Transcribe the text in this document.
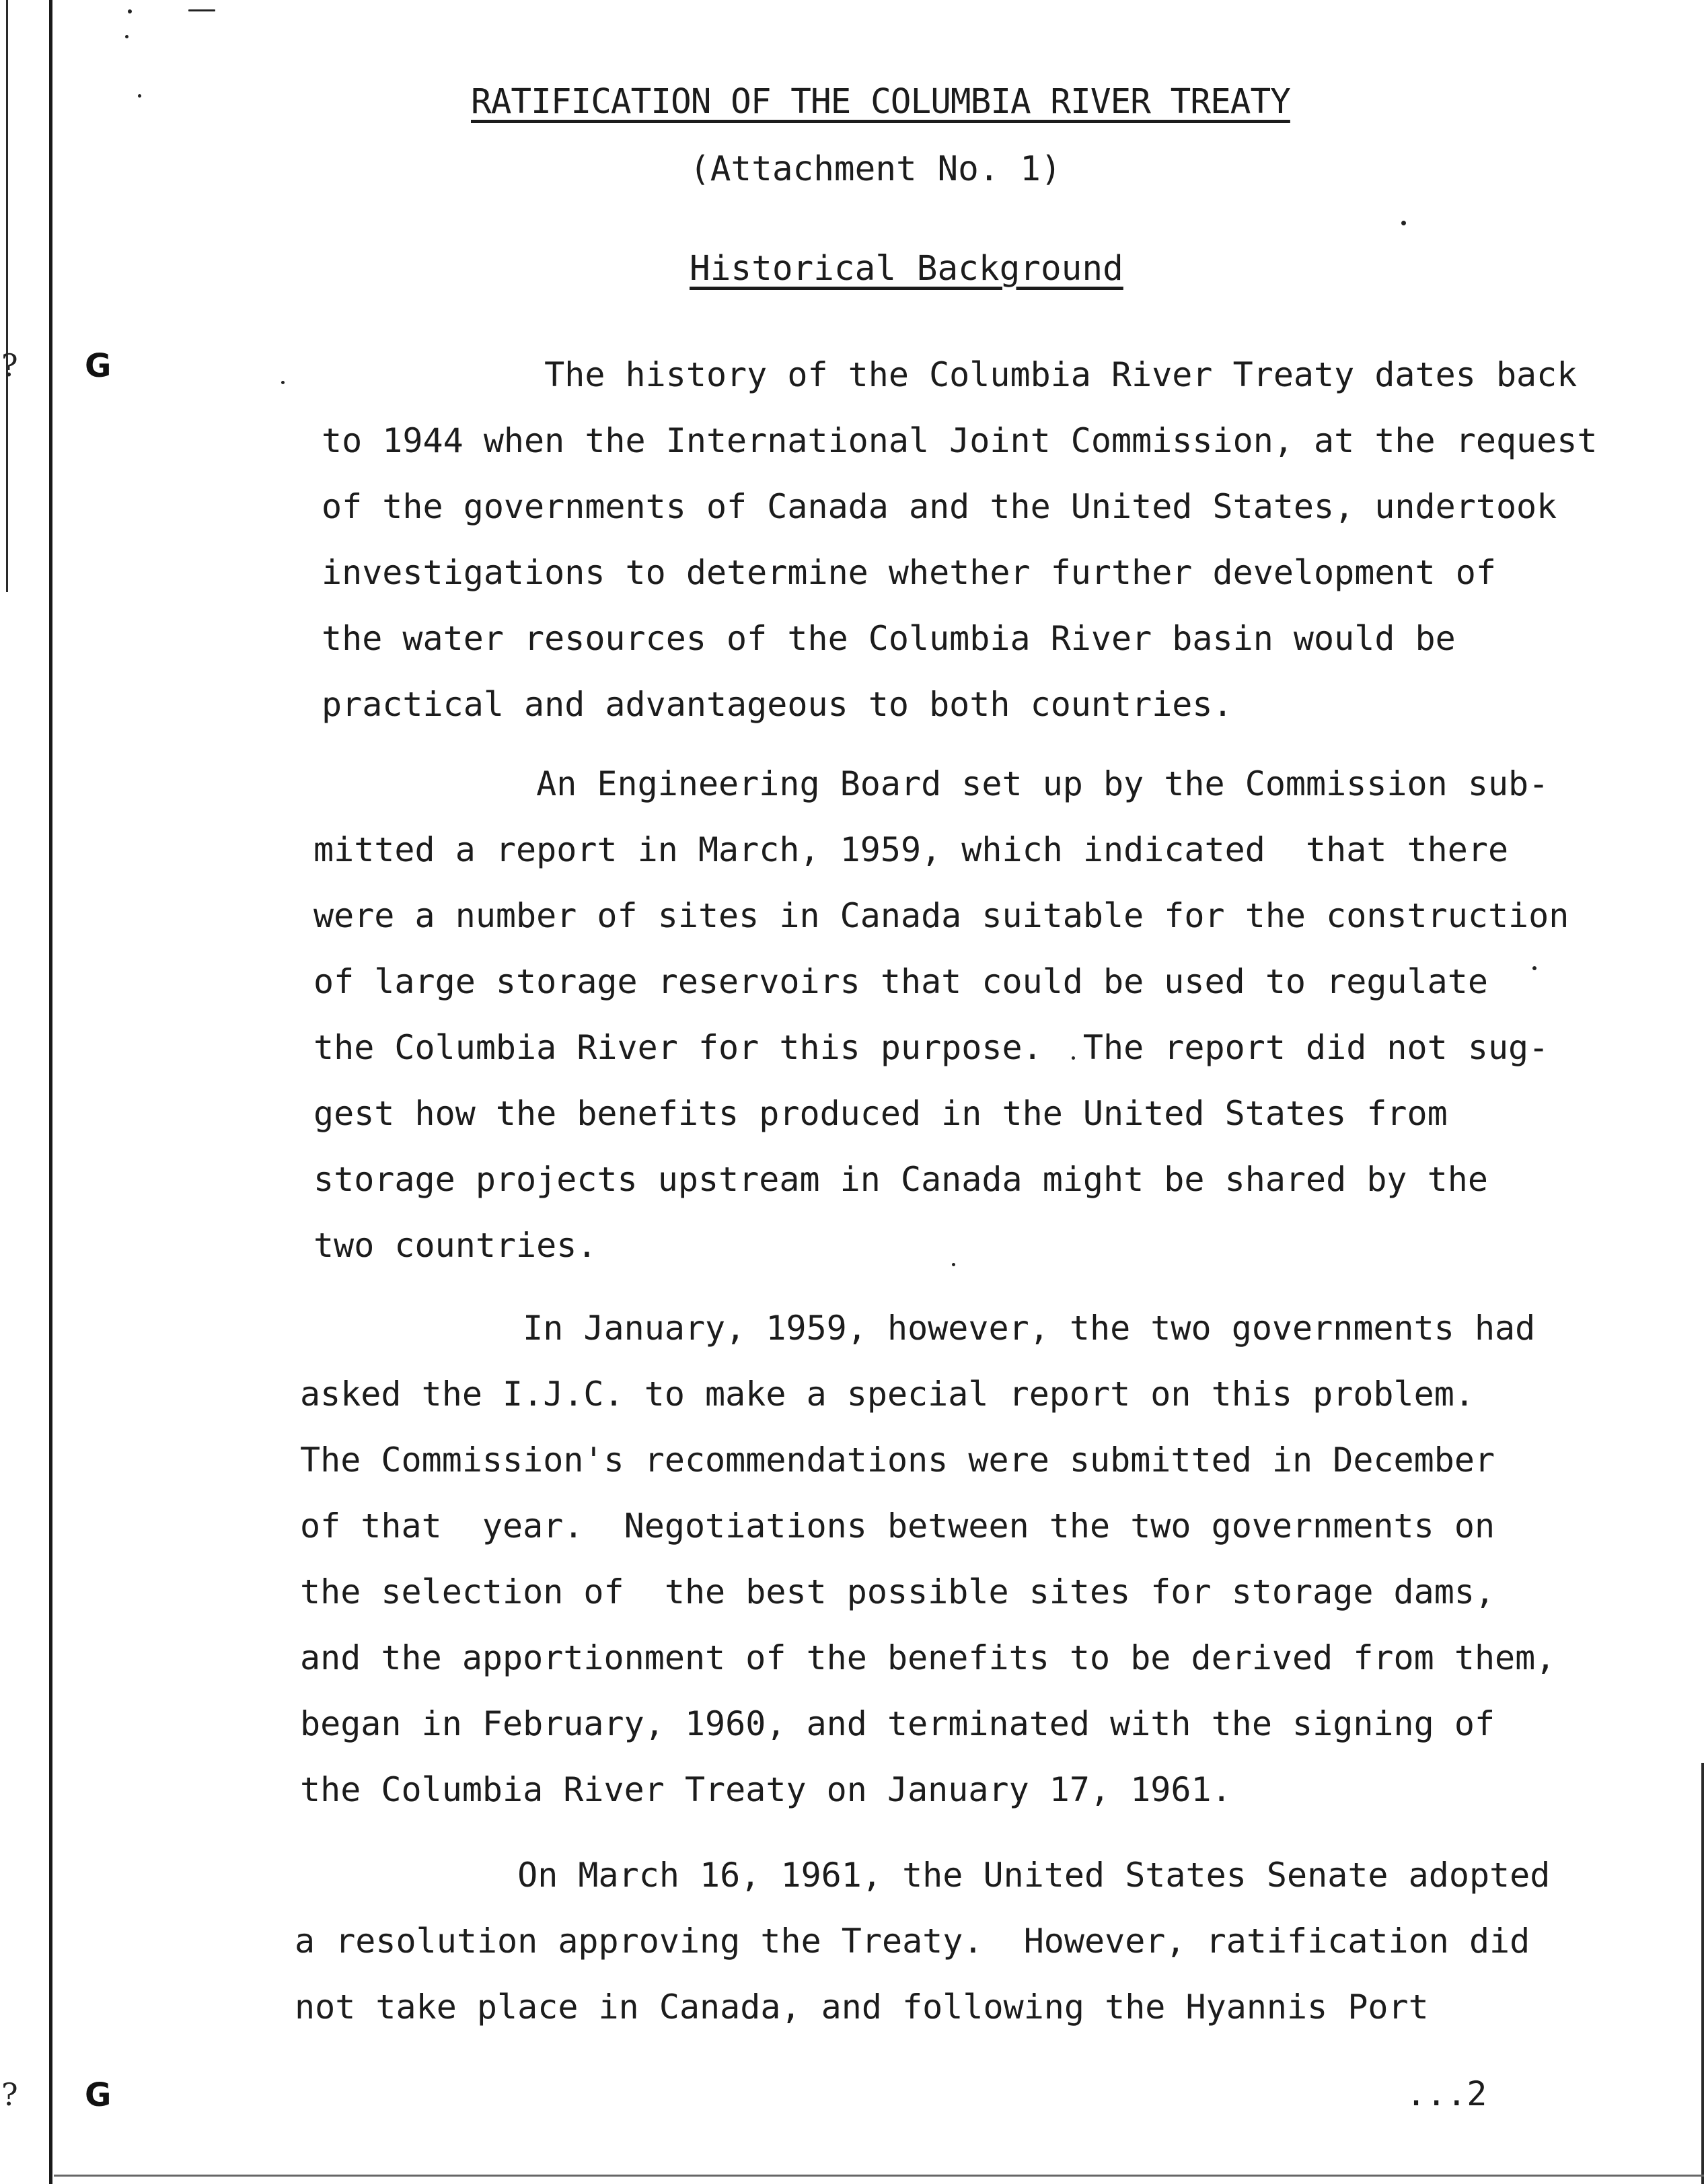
?
?
G
G
RATIFICATION OF THE COLUMBIA RIVER TREATY
(Attachment No. 1)
Historical Background

The history of the Columbia River Treaty dates back
to 1944 when the International Joint Commission, at the request
of the governments of Canada and the United States, undertook
investigations to determine whether further development of
the water resources of the Columbia River basin would be
practical and advantageous to both countries.

An Engineering Board set up by the Commission sub-
mitted a report in March, 1959, which indicated  that there
were a number of sites in Canada suitable for the construction
of large storage reservoirs that could be used to regulate
the Columbia River for this purpose.  The report did not sug-
gest how the benefits produced in the United States from
storage projects upstream in Canada might be shared by the
two countries.

In January, 1959, however, the two governments had
asked the I.J.C. to make a special report on this problem.
The Commission's recommendations were submitted in December
of that  year.  Negotiations between the two governments on
the selection of  the best possible sites for storage dams,
and the apportionment of the benefits to be derived from them,
began in February, 1960, and terminated with the signing of
the Columbia River Treaty on January 17, 1961.

On March 16, 1961, the United States Senate adopted
a resolution approving the Treaty.  However, ratification did
not take place in Canada, and following the Hyannis Port

...2
